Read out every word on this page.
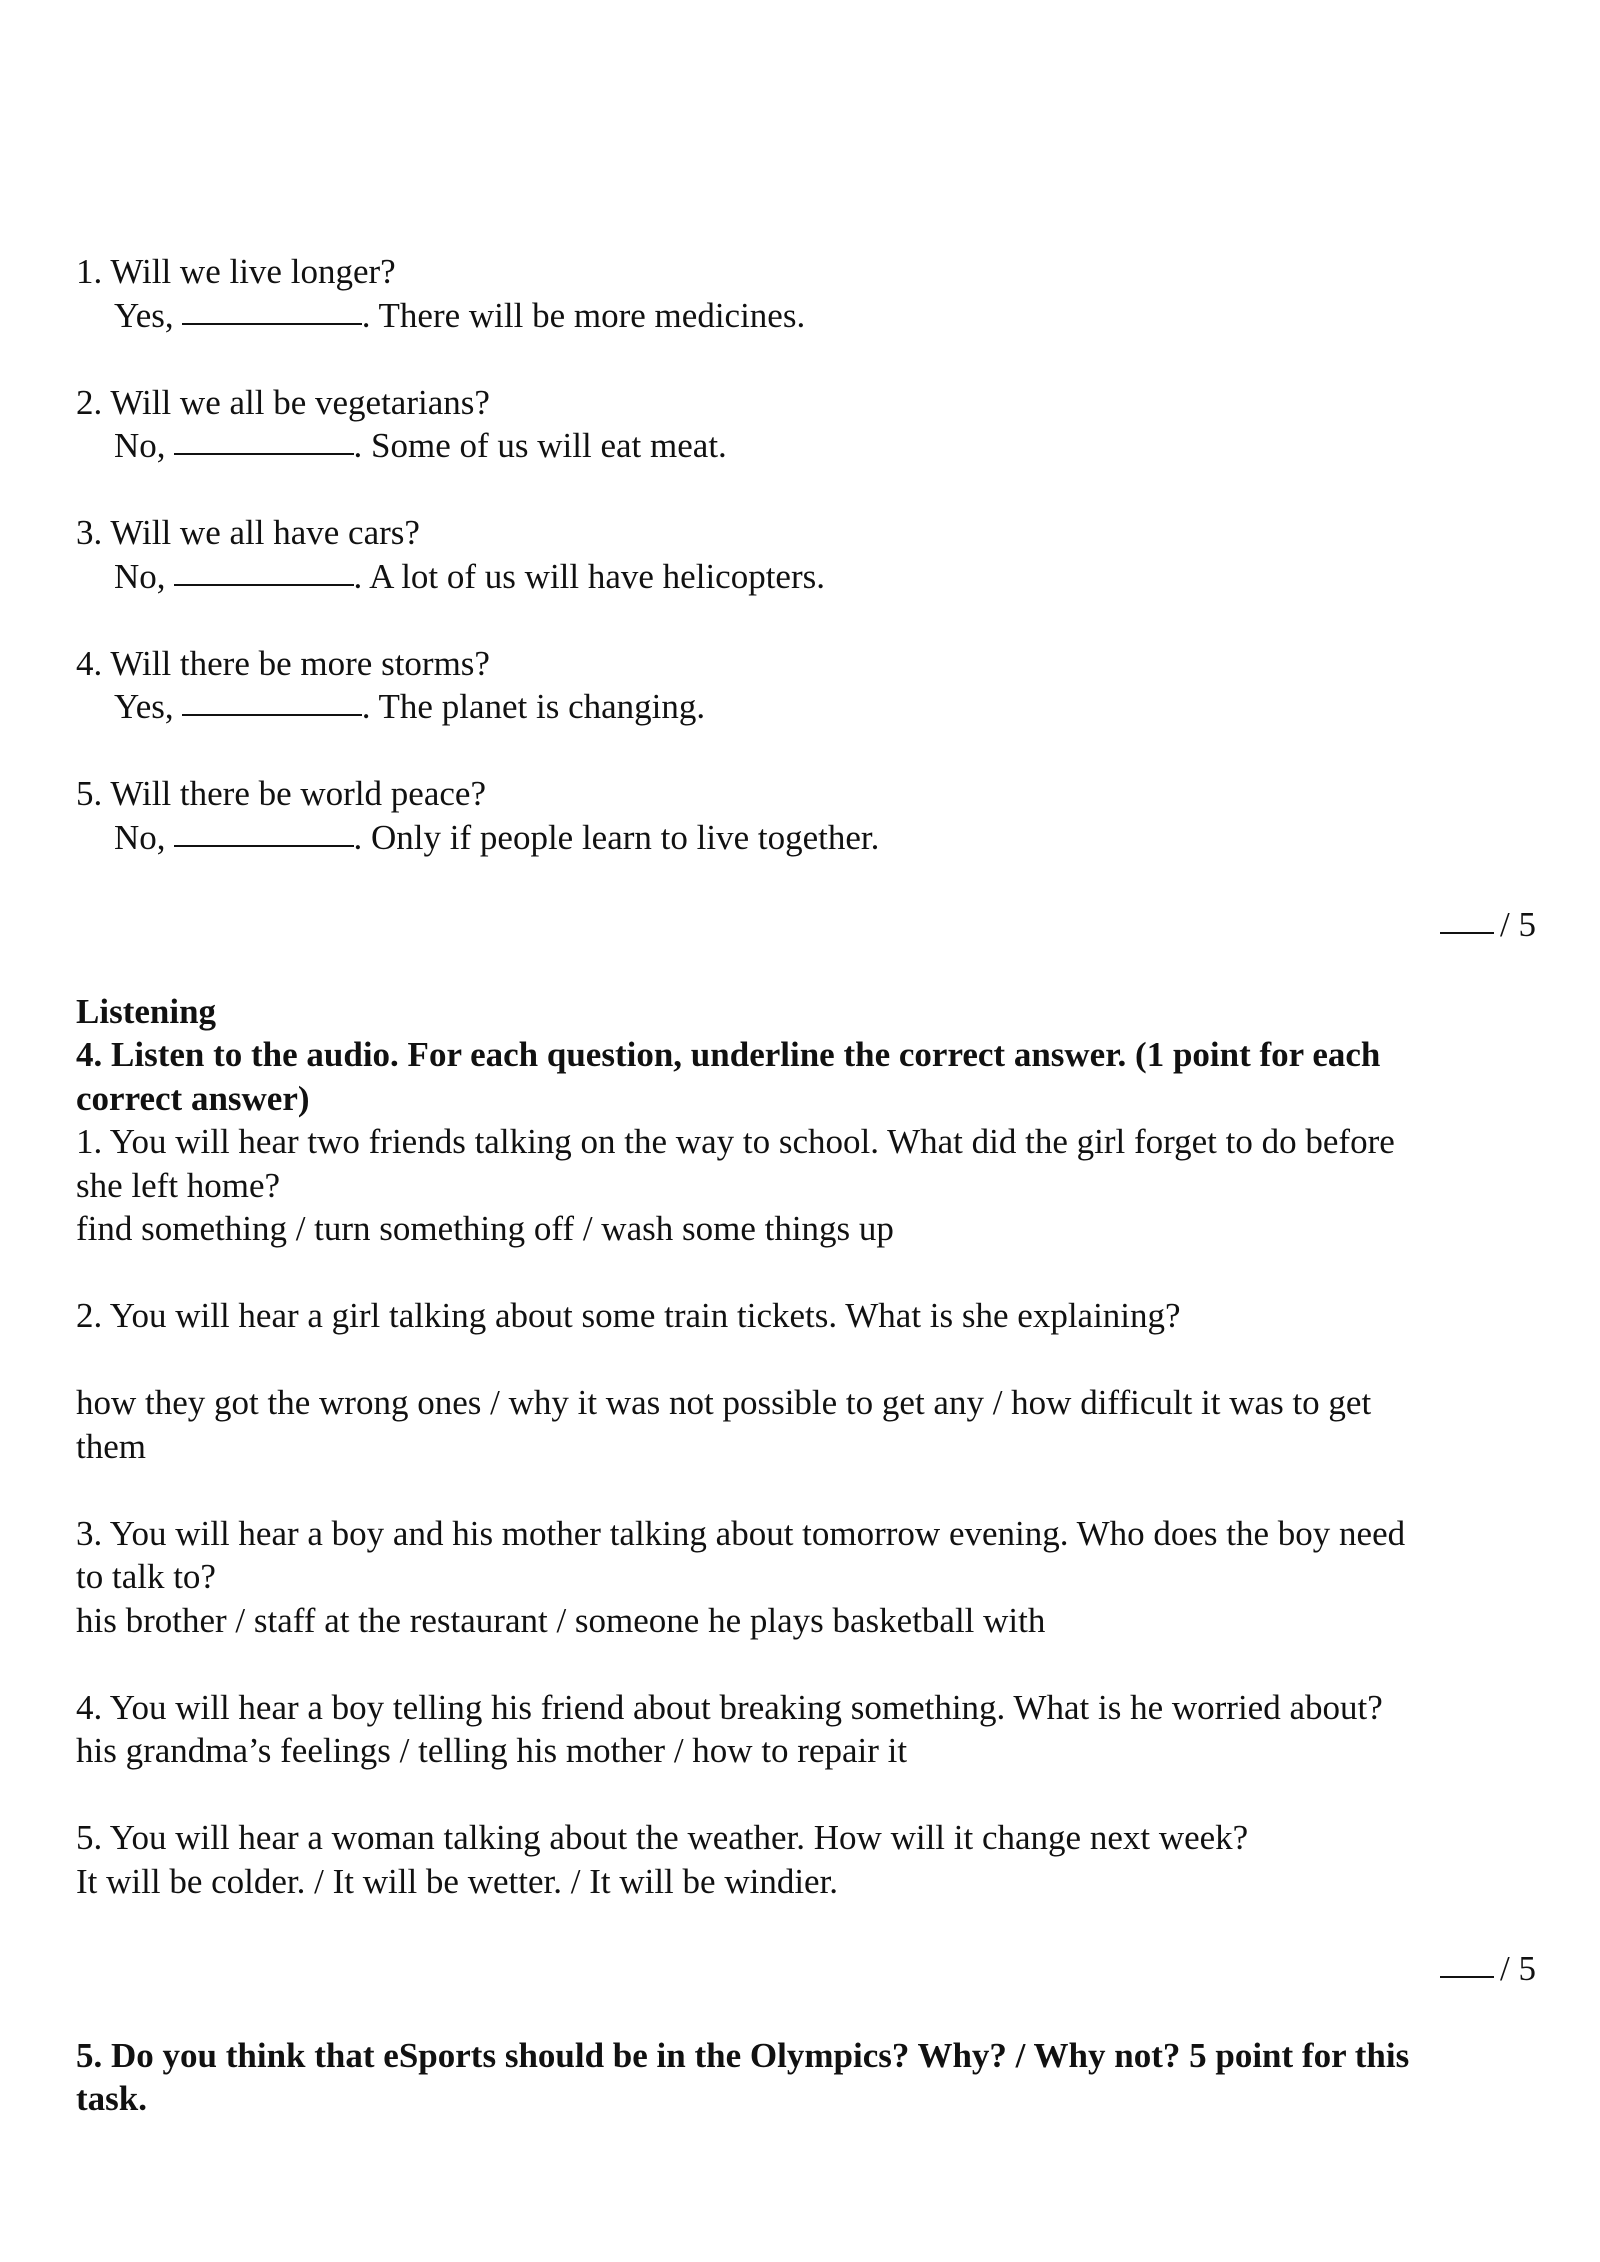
1. Will we live longer?

Yes,	. There will be more medicines.

2. Will we all be vegetarians?

No,	. Some of us will eat meat.

3. Will we all have cars?

No,	. A lot of us will have helicopters.

4. Will there be more storms?

Yes,	. The planet is changing.

5. Will there be world peace?

No,	. Only if people learn to live together.

/ 5

Listening

4. Listen to the audio. For each question, underline the correct answer. (1 point for each

correct answer)

1. You will hear two friends talking on the way to school. What did the girl forget to do before

she left home?

find something / turn something off / wash some things up

2. You will hear a girl talking about some train tickets. What is she explaining?

how they got the wrong ones / why it was not possible to get any / how difficult it was to get

them

3. You will hear a boy and his mother talking about tomorrow evening. Who does the boy need

to talk to?

his brother / staff at the restaurant / someone he plays basketball with

4. You will hear a boy telling his friend about breaking something. What is he worried about?

his grandma’s feelings / telling his mother / how to repair it

5. You will hear a woman talking about the weather. How will it change next week?

It will be colder. / It will be wetter. / It will be windier.

/ 5

5. Do you think that eSports should be in the Olympics? Why? / Why not? 5 point for this

task.
